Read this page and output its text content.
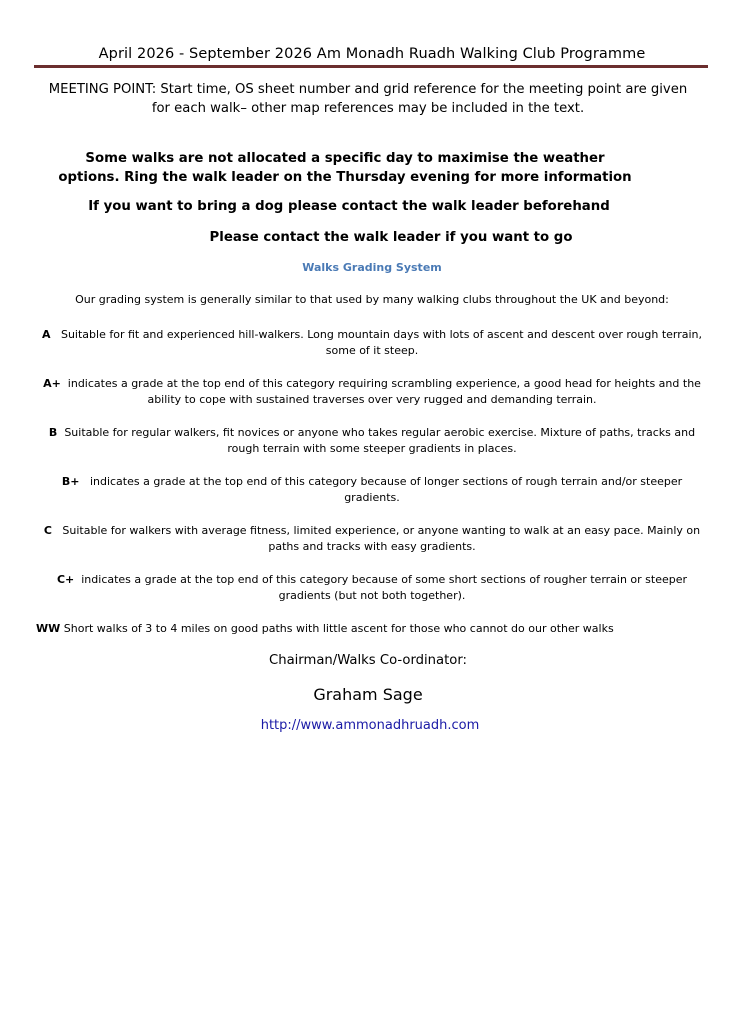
April 2026 - September 2026 Am Monadh Ruadh Walking Club Programme
MEETING POINT: Start time, OS sheet number and grid reference for the meeting point are given for each walk– other map references may be included in the text.
Some walks are not allocated a specific day to maximise the weather
options. Ring the walk leader on the Thursday evening for more information
If you want to bring a dog please contact the walk leader beforehand
Please contact the walk leader if you want to go
Walks Grading System
Our grading system is generally similar to that used by many walking clubs throughout the UK and beyond:
A Suitable for fit and experienced hill-walkers. Long mountain days with lots of ascent and descent over rough terrain, some of it steep.
A+ indicates a grade at the top end of this category requiring scrambling experience, a good head for heights and the ability to cope with sustained traverses over very rugged and demanding terrain.
B Suitable for regular walkers, fit novices or anyone who takes regular aerobic exercise. Mixture of paths, tracks and rough terrain with some steeper gradients in places.
B+ indicates a grade at the top end of this category because of longer sections of rough terrain and/or steeper gradients.
C Suitable for walkers with average fitness, limited experience, or anyone wanting to walk at an easy pace. Mainly on paths and tracks with easy gradients.
C+ indicates a grade at the top end of this category because of some short sections of rougher terrain or steeper gradients (but not both together).
WW Short walks of 3 to 4 miles on good paths with little ascent for those who cannot do our other walks
Chairman/Walks Co-ordinator:
Graham Sage
http://www.ammonadhruadh.com
